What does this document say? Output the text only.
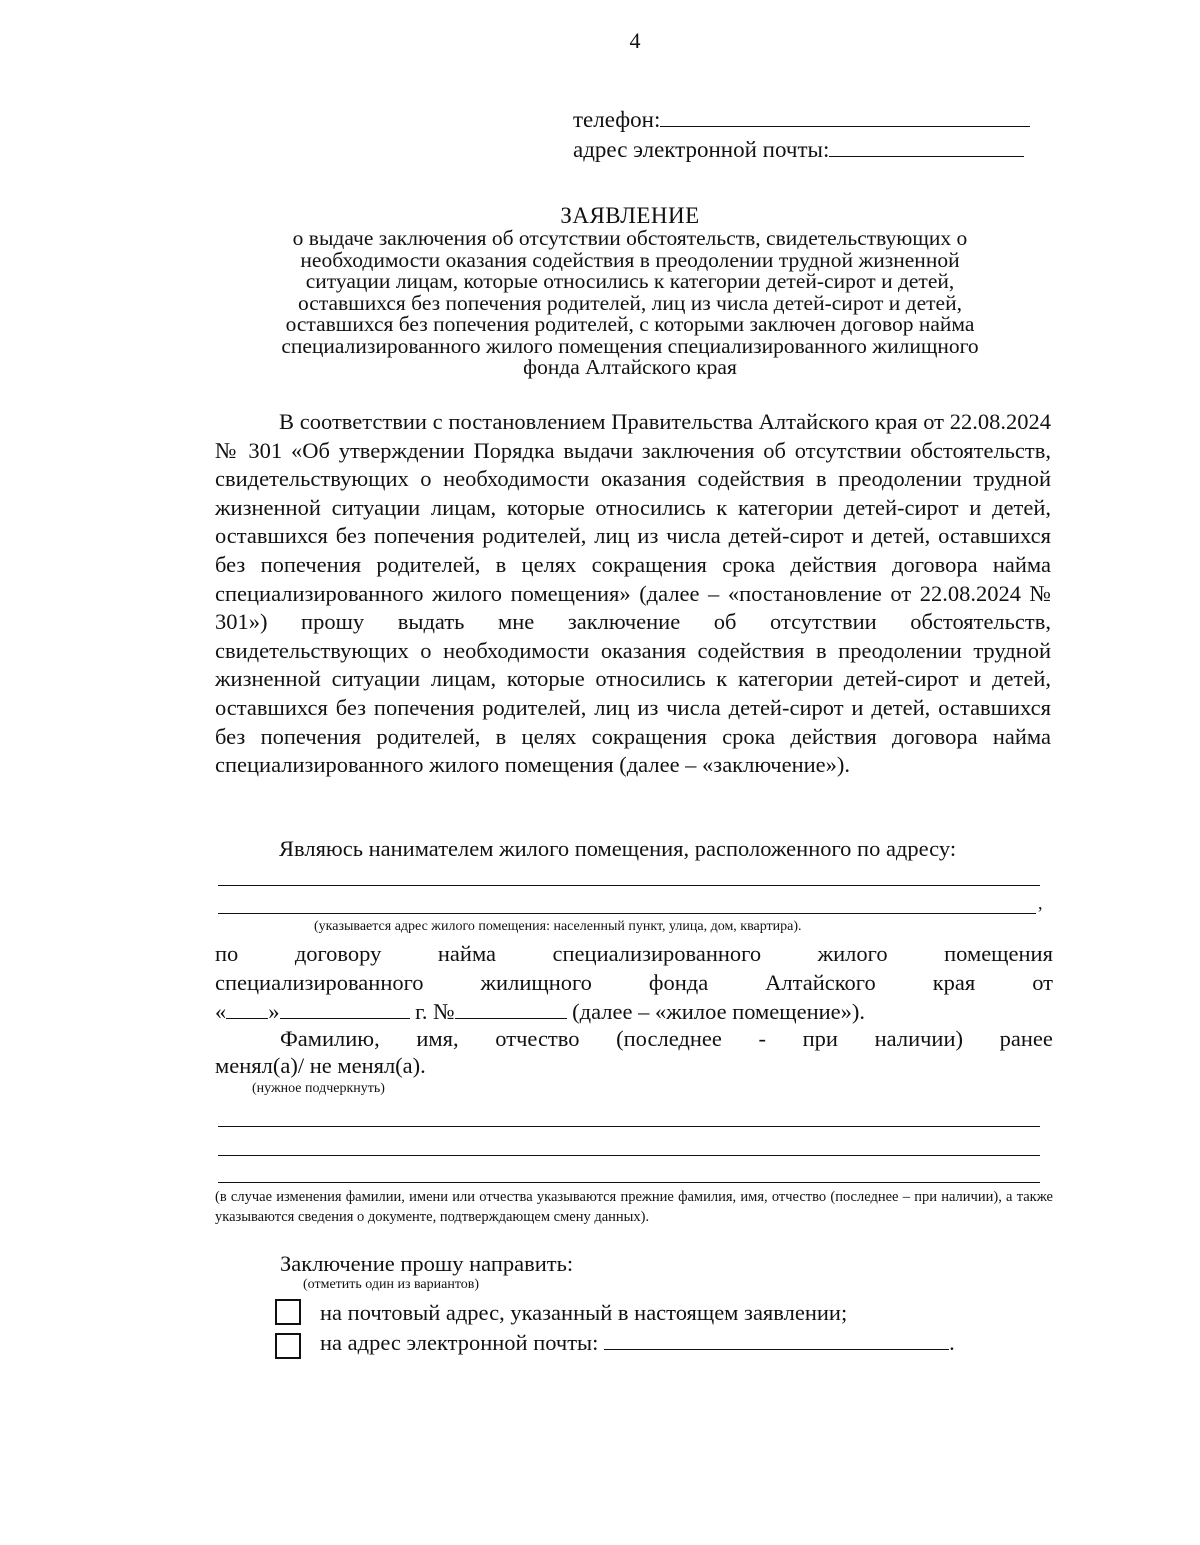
4
телефон:
адрес электронной почты:
ЗАЯВЛЕНИЕ
о выдаче заключения об отсутствии обстоятельств, свидетельствующих о
необходимости оказания содействия в преодолении трудной жизненной
ситуации лицам, которые относились к категории детей-сирот и детей,
оставшихся без попечения родителей, лиц из числа детей-сирот и детей,
оставшихся без попечения родителей, с которыми заключен договор найма
специализированного жилого помещения специализированного жилищного
фонда Алтайского края
В соответствии с постановлением Правительства Алтайского края от 22.08.2024 № 301 «Об утверждении Порядка выдачи заключения об отсутствии обстоятельств, свидетельствующих о необходимости оказания содействия в преодолении трудной жизненной ситуации лицам, которые относились к категории детей-сирот и детей, оставшихся без попечения родителей, лиц из числа детей-сирот и детей, оставшихся без попечения родителей, в целях сокращения срока действия договора найма специализированного жилого помещения» (далее – «постановление от 22.08.2024 № 301») прошу выдать мне заключение об отсутствии обстоятельств, свидетельствующих о необходимости оказания содействия в преодолении трудной жизненной ситуации лицам, которые относились к категории детей-сирот и детей, оставшихся без попечения родителей, лиц из числа детей-сирот и детей, оставшихся без попечения родителей, в целях сокращения срока действия договора найма специализированного жилого помещения (далее – «заключение»).
Являюсь нанимателем жилого помещения, расположенного по адресу:
,
(указывается адрес жилого помещения: населенный пункт, улица, дом, квартира).
по	договору	найма	специализированного	жилого	помещения
специализированного	жилищного	фонда	Алтайского	края	от
« »	г. №	(далее – «жилое помещение»).
Фамилию, имя, отчество (последнее - при наличии) ранее
менял(а)/ не менял(а).
(нужное подчеркнуть)
(в случае изменения фамилии, имени или отчества указываются прежние фамилия, имя, отчество (последнее – при наличии), а также указываются сведения о документе, подтверждающем смену данных).
Заключение прошу направить:
(отметить один из вариантов)
на почтовый адрес, указанный в настоящем заявлении;
на адрес электронной почты:	.
